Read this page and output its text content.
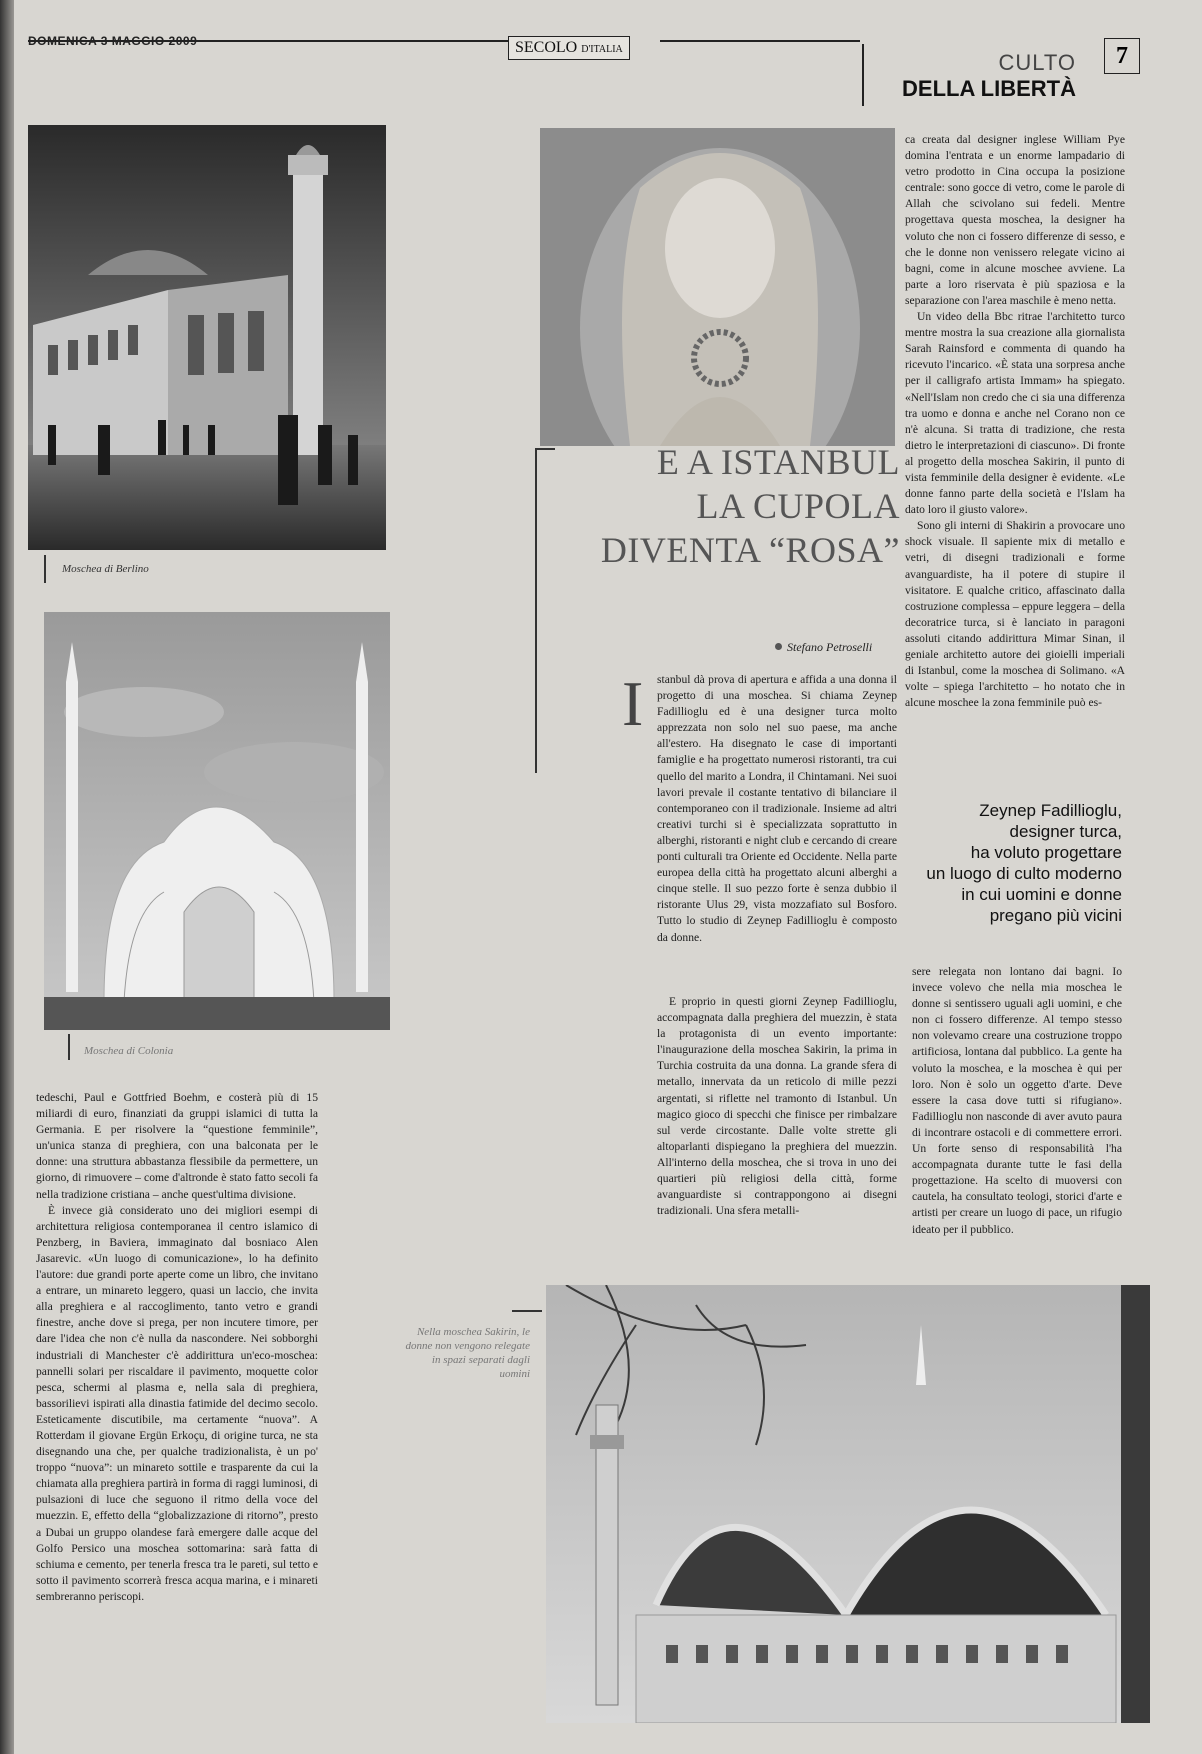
DOMENICA 3 MAGGIO 2009	SECOLO D'ITALIA
CULTO
DELLA LIBERTÀ
7
Moschea di Berlino
Moschea di Colonia
E A ISTANBUL
LA CUPOLA
DIVENTA “ROSA”
Stefano Petroselli
I stanbul dà prova di apertura e affida a una donna il progetto di una moschea. Si chiama Zeynep Fadillioglu ed è una designer turca molto apprezzata non solo nel suo paese, ma anche all'estero. Ha disegnato le case di importanti famiglie e ha progettato numerosi ristoranti, tra cui quello del marito a Londra, il Chintamani. Nei suoi lavori prevale il costante tentativo di bilanciare il contemporaneo con il tradizionale. Insieme ad altri creativi turchi si è specializzata soprattutto in alberghi, ristoranti e night club e cercando di creare ponti culturali tra Oriente ed Occidente. Nella parte europea della città ha progettato alcuni alberghi a cinque stelle. Il suo pezzo forte è senza dubbio il ristorante Ulus 29, vista mozzafiato sul Bosforo. Tutto lo studio di Zeynep Fadillioglu è composto da donne.

E proprio in questi giorni Zeynep Fadillioglu, accompagnata dalla preghiera del muezzin, è stata la protagonista di un evento importante: l'inaugurazione della moschea Sakirin, la prima in Turchia costruita da una donna. La grande sfera di metallo, innervata da un reticolo di mille pezzi argentati, si riflette nel tramonto di Istanbul. Un magico gioco di specchi che finisce per rimbalzare sul verde circostante. Dalle volte strette gli altoparlanti dispiegano la preghiera del muezzin. All'interno della moschea, che si trova in uno dei quartieri più religiosi della città, forme avanguardiste si contrappongono ai disegni tradizionali. Una sfera metalli-

ca creata dal designer inglese William Pye domina l'entrata e un enorme lampadario di vetro prodotto in Cina occupa la posizione centrale: sono gocce di vetro, come le parole di Allah che scivolano sui fedeli. Mentre progettava questa moschea, la designer ha voluto che non ci fossero differenze di sesso, e che le donne non venissero relegate vicino ai bagni, come in alcune moschee avviene. La parte a loro riservata è più spaziosa e la separazione con l'area maschile è meno netta.

Un video della Bbc ritrae l'architetto turco mentre mostra la sua creazione alla giornalista Sarah Rainsford e commenta di quando ha ricevuto l'incarico. «È stata una sorpresa anche per il calligrafo artista Immam» ha spiegato. «Nell'Islam non credo che ci sia una differenza tra uomo e donna e anche nel Corano non ce n'è alcuna. Si tratta di tradizione, che resta dietro le interpretazioni di ciascuno». Di fronte al progetto della moschea Sakirin, il punto di vista femminile della designer è evidente. «Le donne fanno parte della società e l'Islam ha dato loro il giusto valore».

Sono gli interni di Shakirin a provocare uno shock visuale. Il sapiente mix di metallo e vetri, di disegni tradizionali e forme avanguardiste, ha il potere di stupire il visitatore. E qualche critico, affascinato dalla costruzione complessa – eppure leggera – della decoratrice turca, si è lanciato in paragoni assoluti citando addirittura Mimar Sinan, il geniale architetto autore dei gioielli imperiali di Istanbul, come la moschea di Solimano. «A volte – spiega l'architetto – ho notato che in alcune moschee la zona femminile può es-

Zeynep Fadillioglu,
designer turca,
ha voluto progettare
un luogo di culto moderno
in cui uomini e donne
pregano più vicini

sere relegata non lontano dai bagni. Io invece volevo che nella mia moschea le donne si sentissero uguali agli uomini, e che non ci fossero differenze. Al tempo stesso non volevamo creare una costruzione troppo artificiosa, lontana dal pubblico. La gente ha voluto la moschea, e la moschea è qui per loro. Non è solo un oggetto d'arte. Deve essere la casa dove tutti si rifugiano». Fadillioglu non nasconde di aver avuto paura di incontrare ostacoli e di commettere errori. Un forte senso di responsabilità l'ha accompagnata durante tutte le fasi della progettazione. Ha scelto di muoversi con cautela, ha consultato teologi, storici d'arte e artisti per creare un luogo di pace, un rifugio ideato per il pubblico.

tedeschi, Paul e Gottfried Boehm, e costerà più di 15 miliardi di euro, finanziati da gruppi islamici di tutta la Germania. E per risolvere la “questione femminile”, un'unica stanza di preghiera, con una balconata per le donne: una struttura abbastanza flessibile da permettere, un giorno, di rimuovere – come d'altronde è stato fatto secoli fa nella tradizione cristiana – anche quest'ultima divisione.

È invece già considerato uno dei migliori esempi di architettura religiosa contemporanea il centro islamico di Penzberg, in Baviera, immaginato dal bosniaco Alen Jasarevic. «Un luogo di comunicazione», lo ha definito l'autore: due grandi porte aperte come un libro, che invitano a entrare, un minareto leggero, quasi un laccio, che invita alla preghiera e al raccoglimento, tanto vetro e grandi finestre, anche dove si prega, per non incutere timore, per dare l'idea che non c'è nulla da nascondere. Nei sobborghi industriali di Manchester c'è addirittura un'eco-moschea: pannelli solari per riscaldare il pavimento, moquette color pesca, schermi al plasma e, nella sala di preghiera, bassorilievi ispirati alla dinastia fatimide del decimo secolo. Esteticamente discutibile, ma certamente “nuova”. A Rotterdam il giovane Ergün Erkoçu, di origine turca, ne sta disegnando una che, per qualche tradizionalista, è un po' troppo “nuova”: un minareto sottile e trasparente da cui la chiamata alla preghiera partirà in forma di raggi luminosi, di pulsazioni di luce che seguono il ritmo della voce del muezzin. E, effetto della “globalizzazione di ritorno”, presto a Dubai un gruppo olandese farà emergere dalle acque del Golfo Persico una moschea sottomarina: sarà fatta di schiuma e cemento, per tenerla fresca tra le pareti, sul tetto e sotto il pavimento scorrerà fresca acqua marina, e i minareti sembreranno periscopi.

Nella moschea Sakirin, le donne non vengono relegate in spazi separati dagli uomini
